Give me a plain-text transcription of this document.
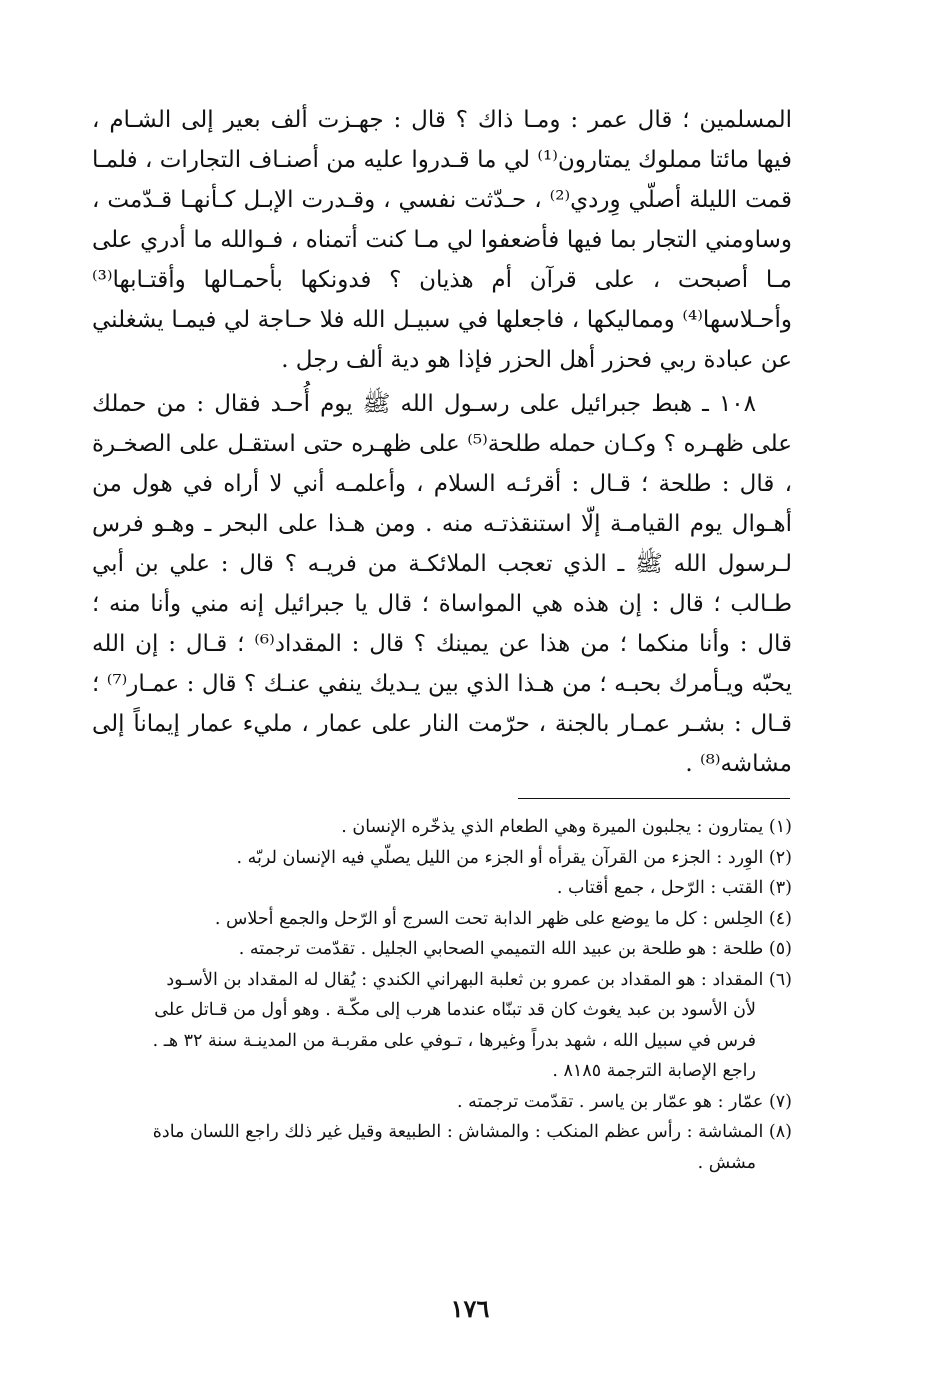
المسلمين ؛ قال عمر : ومـا ذاك ؟ قال : جهـزت ألف بعير إلى الشـام ، فيها مائتا مملوك يمتارون⁽¹⁾ لي ما قـدروا عليه من أصنـاف التجارات ، فلمـا قمت الليلة أصلّي وِردي⁽²⁾ ، حـدّثت نفسي ، وقـدرت الإبـل كـأنهـا قـدّمت ، وساومني التجار بما فيها فأضعفوا لي مـا كنت أتمناه ، فـوالله ما أدري على مـا أصبحت ، على قرآن أم هذيان ؟ فدونكها بأحمـالها وأقتـابها⁽³⁾ وأحـلاسها⁽⁴⁾ ومماليكها ، فاجعلها في سبيـل الله فلا حـاجة لي فيمـا يشغلني عن عبادة ربي فحزر أهل الحزر فإذا هو دية ألف رجل .

١٠٨ ـ هبط جبرائيل على رسـول الله ﷺ يوم أُحـد فقال : من حملك على ظهـره ؟ وكـان حمله طلحة⁽⁵⁾ على ظهـره حتى استقـل على الصخـرة ، قال : طلحة ؛ قـال : أقرئـه السلام ، وأعلمـه أني لا أراه في هول من أهـوال يوم القيامـة إلّا استنقذتـه منه . ومن هـذا على البحر ـ وهـو فرس لـرسول الله ﷺ ـ الذي تعجب الملائكـة من فريـه ؟ قال : علي بن أبي طـالب ؛ قال : إن هذه هي المواساة ؛ قال يا جبرائيل إنه مني وأنا منه ؛ قال : وأنا منكما ؛ من هذا عن يمينك ؟ قال : المقداد⁽⁶⁾ ؛ قـال : إن الله يحبّه ويـأمرك بحبـه ؛ من هـذا الذي بين يـديك ينفي عنـك ؟ قال : عمـار⁽⁷⁾ ؛ قـال : بشـر عمـار بالجنة ، حرّمت النار على عمار ، مليء عمار إيماناً إلى مشاشه⁽⁸⁾ .

(١) يمتارون : يجلبون الميرة وهي الطعام الذي يذخّره الإنسان .

(٢) الوِرد : الجزء من القرآن يقرأه أو الجزء من الليل يصلّي فيه الإنسان لربّه .

(٣) القتب : الرّحل ، جمع أقتاب .

(٤) الحِلس : كل ما يوضع على ظهر الدابة تحت السرج أو الرّحل والجمع أحلاس .

(٥) طلحة : هو طلحة بن عبيد الله التميمي الصحابي الجليل . تقدّمت ترجمته .

(٦) المقداد : هو المقداد بن عمرو بن ثعلبة البهراني الكندي : يُقال له المقداد بن الأسـود

لأن الأسود بن عبد يغوث كان قد تبنّاه عندما هرب إلى مكّـة . وهو أول من قـاتل على

فرس في سبيل الله ، شهد بدراً وغيرها ، تـوفي على مقربـة من المدينـة سنة ٣٢ هـ .

راجع الإصابة الترجمة ٨١٨٥ .

(٧) عمّار : هو عمّار بن ياسر . تقدّمت ترجمته .

(٨) المشاشة : رأس عظم المنكب : والمشاش : الطبيعة وقيل غير ذلك راجع اللسان مادة

مشش .

١٧٦
